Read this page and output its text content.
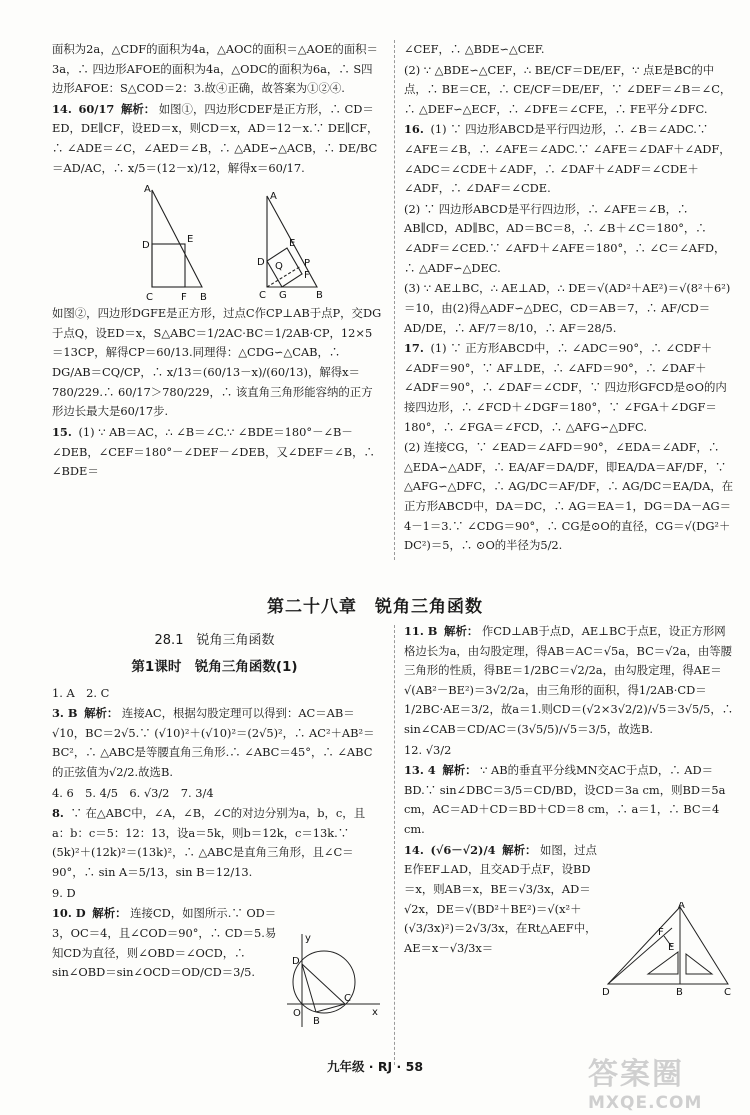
面积为2a，△CDF的面积为4a，△AOC的面积＝△AOE的面积＝3a，∴ 四边形AFOE的面积为4a，△ODC的面积为6a，∴ S四边形AFOE：S△COD＝2：3.故④正确，故答案为①②④.

14. 60/17 解析： 如图①，四边形CDEF是正方形，∴ CD＝ED，DE∥CF，设ED＝x，则CD＝x，AD＝12－x.∵ DE∥CF，∴ ∠ADE＝∠C，∠AED＝∠B，∴ △ADE∽△ACB，∴ DE/BC＝AD/AC，∴ x/5＝(12－x)/12，解得x＝60/17.

A
D
E
C	F B
A
E
D Q P
C G
F
B

如图②，四边形DGFE是正方形，过点C作CP⊥AB于点P，交DG于点Q，设ED＝x，S△ABC＝1/2AC·BC＝1/2AB·CP，12×5＝13CP，解得CP＝60/13.同理得：△CDG∽△CAB，∴ DG/AB＝CQ/CP，∴ x/13＝(60/13－x)/(60/13)，解得x＝780/229.∴ 60/17＞780/229，∴ 该直角三角形能容纳的正方形边长最大是60/17步.

15. (1) ∵ AB＝AC，∴ ∠B＝∠C.∵ ∠BDE＝180°－∠B－∠DEB，∠CEF＝180°－∠DEF－∠DEB，又∠DEF＝∠B，∴ ∠BDE＝

∠CEF，∴ △BDE∽△CEF.

(2) ∵ △BDE∽△CEF，∴ BE/CF＝DE/EF，∵ 点E是BC的中点，∴ BE＝CE，∴ CE/CF＝DE/EF，∵ ∠DEF＝∠B＝∠C，∴ △DEF∽△ECF，∴ ∠DFE＝∠CFE，∴ FE平分∠DFC.

16. (1) ∵ 四边形ABCD是平行四边形，∴ ∠B＝∠ADC.∵ ∠AFE＝∠B，∴ ∠AFE＝∠ADC.∵ ∠AFE＝∠DAF＋∠ADF，∠ADC＝∠CDE＋∠ADF，∴ ∠DAF＋∠ADF＝∠CDE＋∠ADF，∴ ∠DAF＝∠CDE.

(2) ∵ 四边形ABCD是平行四边形，∴ ∠AFE＝∠B，∴ AB∥CD，AD∥BC，AD＝BC＝8，∴ ∠B＋∠C＝180°，∴ ∠ADF＝∠CED.∵ ∠AFD＋∠AFE＝180°，∴ ∠C＝∠AFD，∴ △ADF∽△DEC.

(3) ∵ AE⊥BC，∴ AE⊥AD，∴ DE＝√(AD²＋AE²)＝√(8²＋6²)＝10，由(2)得△ADF∽△DEC，CD＝AB＝7，∴ AF/CD＝AD/DE，∴ AF/7＝8/10，∴ AF＝28/5.

17. (1) ∵ 正方形ABCD中，∴ ∠ADC＝90°，∴ ∠CDF＋∠ADF＝90°，∵ AF⊥DE，∴ ∠AFD＝90°，∴ ∠DAF＋∠ADF＝90°，∴ ∠DAF＝∠CDF，∵ 四边形GFCD是⊙O的内接四边形，∴ ∠FCD＋∠DGF＝180°，∵ ∠FGA＋∠DGF＝180°，∴ ∠FGA＝∠FCD，∴ △AFG∽△DFC.

(2) 连接CG，∵ ∠EAD＝∠AFD＝90°，∠EDA＝∠ADF，∴ △EDA∽△ADF，∴ EA/AF＝DA/DF，即EA/DA＝AF/DF，∵ △AFG∽△DFC，∴ AG/DC＝AF/DF，∴ AG/DC＝EA/DA，在正方形ABCD中，DA＝DC，∴ AG＝EA＝1，DG＝DA－AG＝4－1＝3.∵ ∠CDG＝90°，∴ CG是⊙O的直径，CG＝√(DG²＋DC²)＝5，∴ ⊙O的半径为5/2.

第二十八章　锐角三角函数
28.1　锐角三角函数
第1课时　锐角三角函数(1)

1. A　2. C

3. B 解析： 连接AC，根据勾股定理可以得到：AC＝AB＝√10，BC＝2√5.∵ (√10)²＋(√10)²＝(2√5)²，∴ AC²＋AB²＝BC²，∴ △ABC是等腰直角三角形.∴ ∠ABC＝45°，∴ ∠ABC的正弦值为√2/2.故选B.

4. 6　5. 4/5　6. √3/2　7. 3/4

8. ∵ 在△ABC中，∠A，∠B，∠C的对边分别为a，b，c，且a：b：c＝5：12：13，设a＝5k，则b＝12k，c＝13k.∵ (5k)²＋(12k)²＝(13k)²，∴ △ABC是直角三角形，且∠C＝90°，∴ sin A＝5/13，sin B＝12/13.

9. D

10. D 解析： 连接CD，如图所示.∵ OD＝3，OC＝4，且∠COD＝90°，∴ CD＝5.易知CD为直径，则∠OBD＝∠OCD，∴ sin∠OBD＝sin∠OCD＝OD/CD＝3/5.

y
D
C
O
B
x

11. B 解析： 作CD⊥AB于点D，AE⊥BC于点E，设正方形网格边长为a，由勾股定理，得AB＝AC＝√5a，BC＝√2a，由等腰三角形的性质，得BE＝1/2BC＝√2/2a，由勾股定理，得AE＝√(AB²－BE²)＝3√2/2a，由三角形的面积，得1/2AB·CD＝1/2BC·AE＝3/2，故a＝1.则CD＝(√2×3√2/2)/√5＝3√5/5，∴ sin∠CAB＝CD/AC＝(3√5/5)/√5＝3/5，故选B.

12. √3/2

13. 4 解析： ∵ AB的垂直平分线MN交AC于点D，∴ AD＝BD.∵ sin∠DBC＝3/5＝CD/BD，设CD＝3a cm，则BD＝5a cm，AC＝AD＋CD＝BD＋CD＝8 cm，∴ a＝1，∴ BC＝4 cm.

14. (√6－√2)/4 解析： 如图，过点E作EF⊥AD，且交AD于点F，设BD＝x，则AB＝x，BE＝√3/3x，AD＝√2x，DE＝√(BD²＋BE²)＝√(x²＋(√3/3x)²)＝2√3/3x，在Rt△AEF中，AE＝x－√3/3x＝

A
F
E
D	B	C
九年级 · RJ · 58	答案圈
MXQE.COM
